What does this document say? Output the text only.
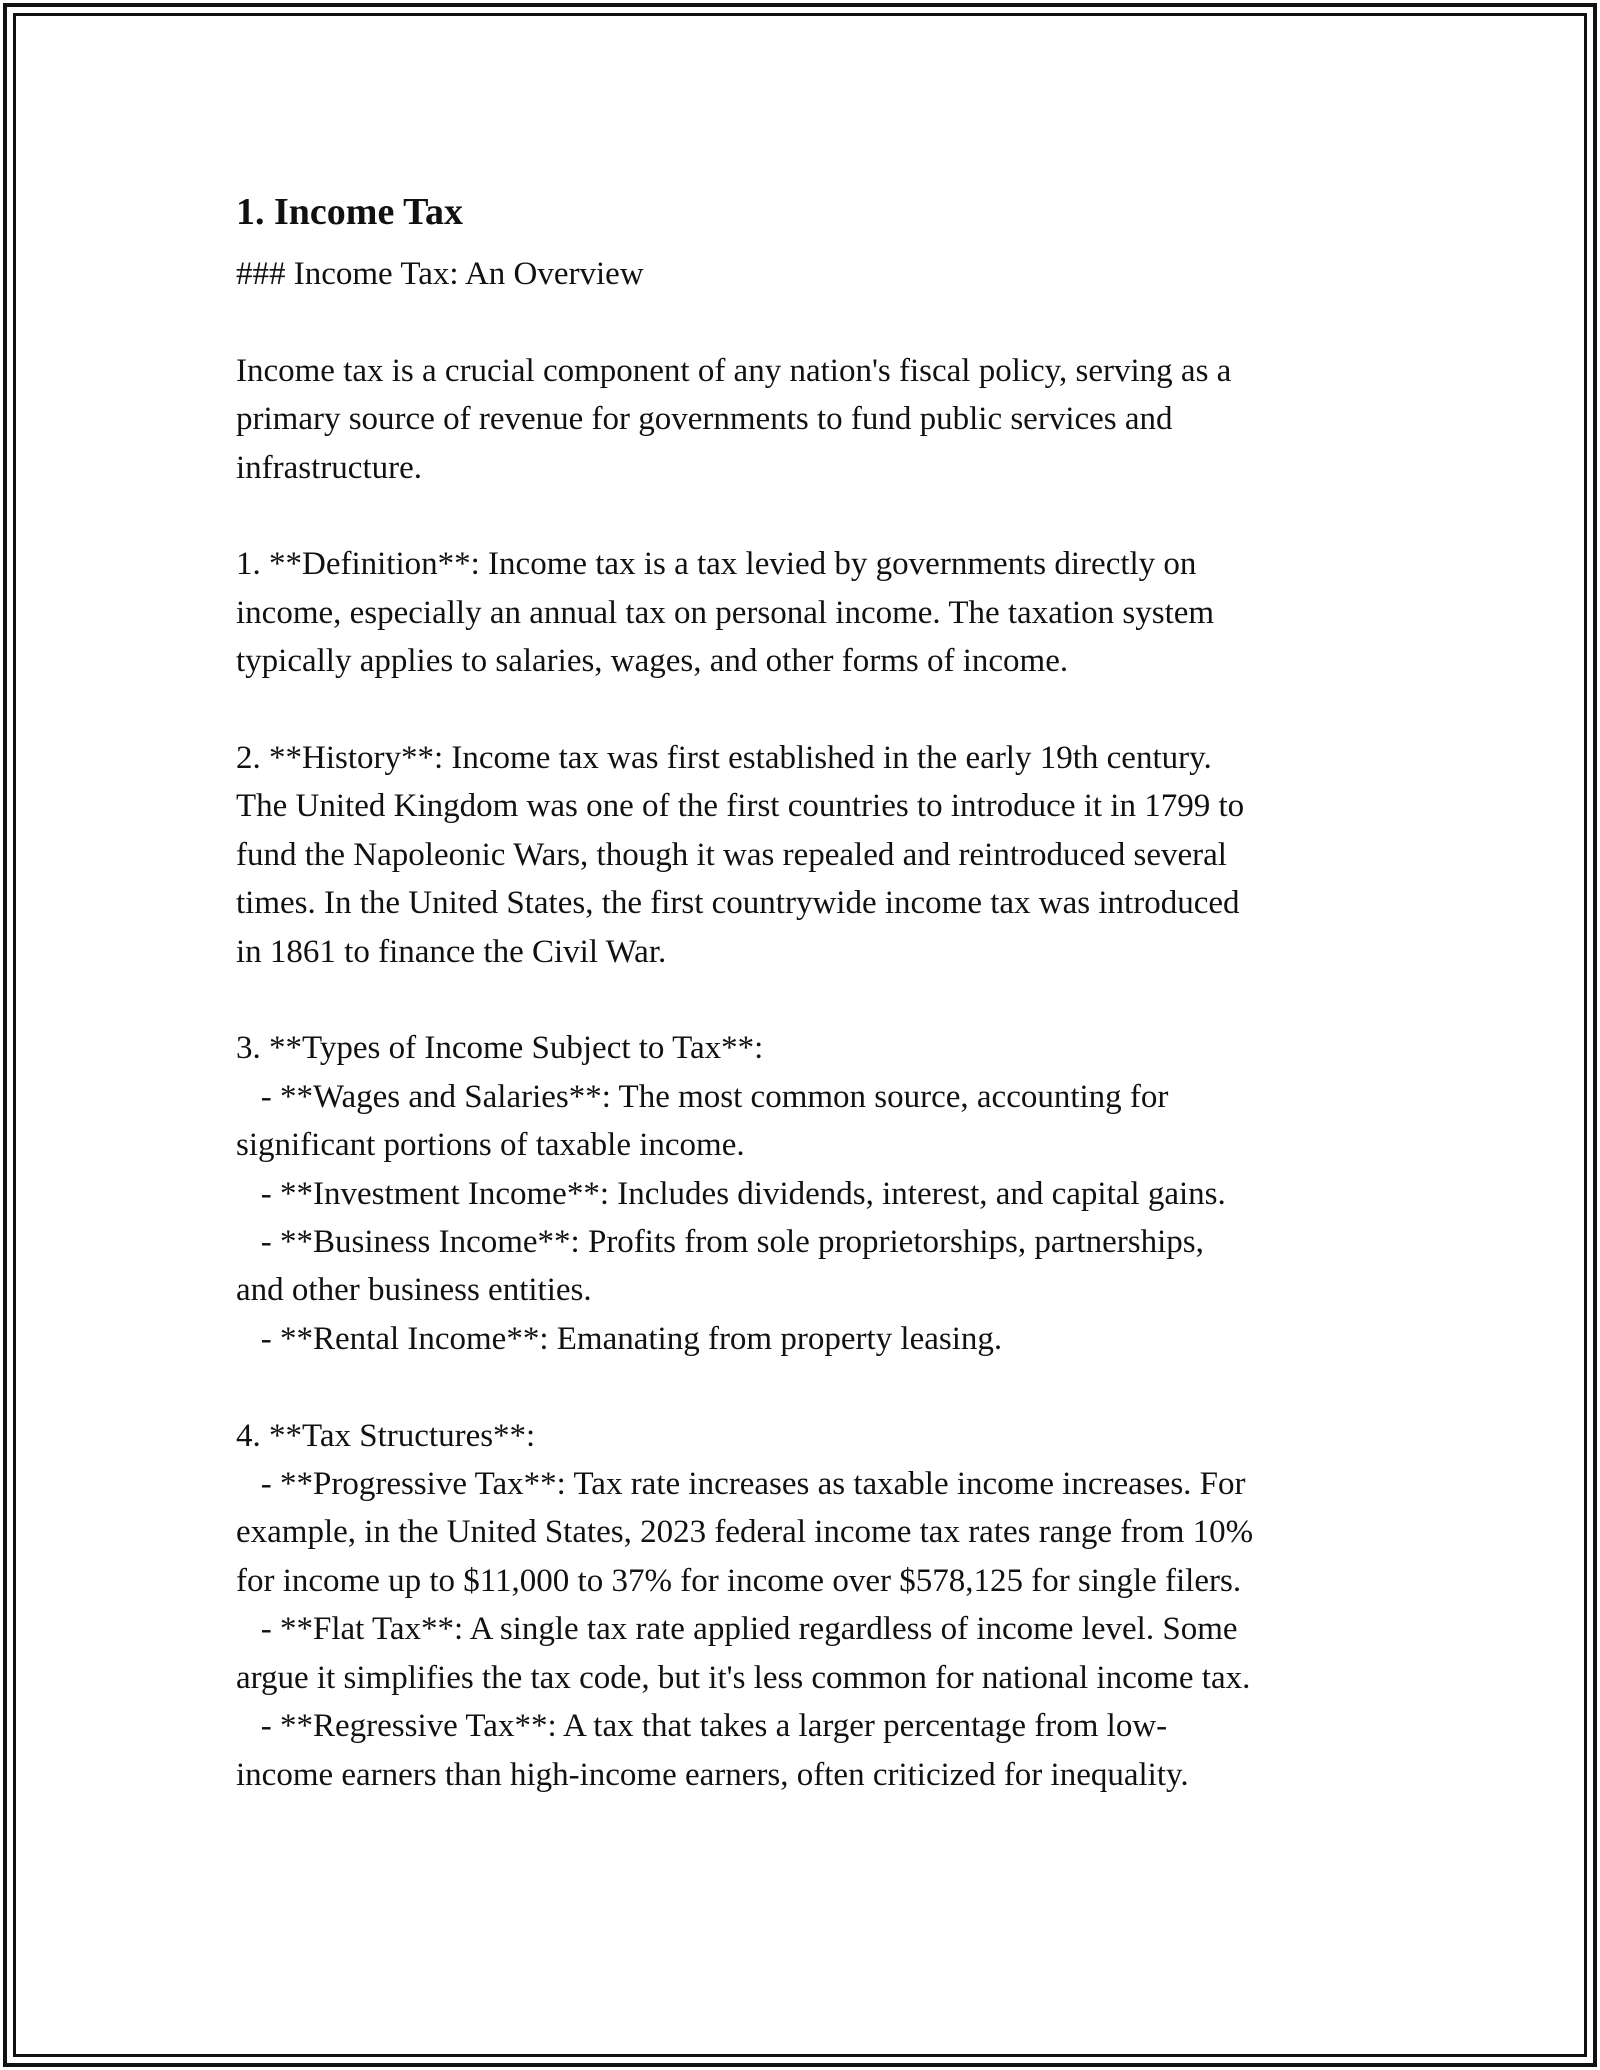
1. Income Tax

### Income Tax: An Overview

Income tax is a crucial component of any nation's fiscal policy, serving as a

primary source of revenue for governments to fund public services and

infrastructure.

1. **Definition**: Income tax is a tax levied by governments directly on

income, especially an annual tax on personal income. The taxation system

typically applies to salaries, wages, and other forms of income.

2. **History**: Income tax was first established in the early 19th century.

The United Kingdom was one of the first countries to introduce it in 1799 to

fund the Napoleonic Wars, though it was repealed and reintroduced several

times. In the United States, the first countrywide income tax was introduced

in 1861 to finance the Civil War.

3. **Types of Income Subject to Tax**:

- **Wages and Salaries**: The most common source, accounting for

significant portions of taxable income.

- **Investment Income**: Includes dividends, interest, and capital gains.

- **Business Income**: Profits from sole proprietorships, partnerships,

and other business entities.

- **Rental Income**: Emanating from property leasing.

4. **Tax Structures**:

- **Progressive Tax**: Tax rate increases as taxable income increases. For

example, in the United States, 2023 federal income tax rates range from 10%

for income up to $11,000 to 37% for income over $578,125 for single filers.

- **Flat Tax**: A single tax rate applied regardless of income level. Some

argue it simplifies the tax code, but it's less common for national income tax.

- **Regressive Tax**: A tax that takes a larger percentage from low-

income earners than high-income earners, often criticized for inequality.
